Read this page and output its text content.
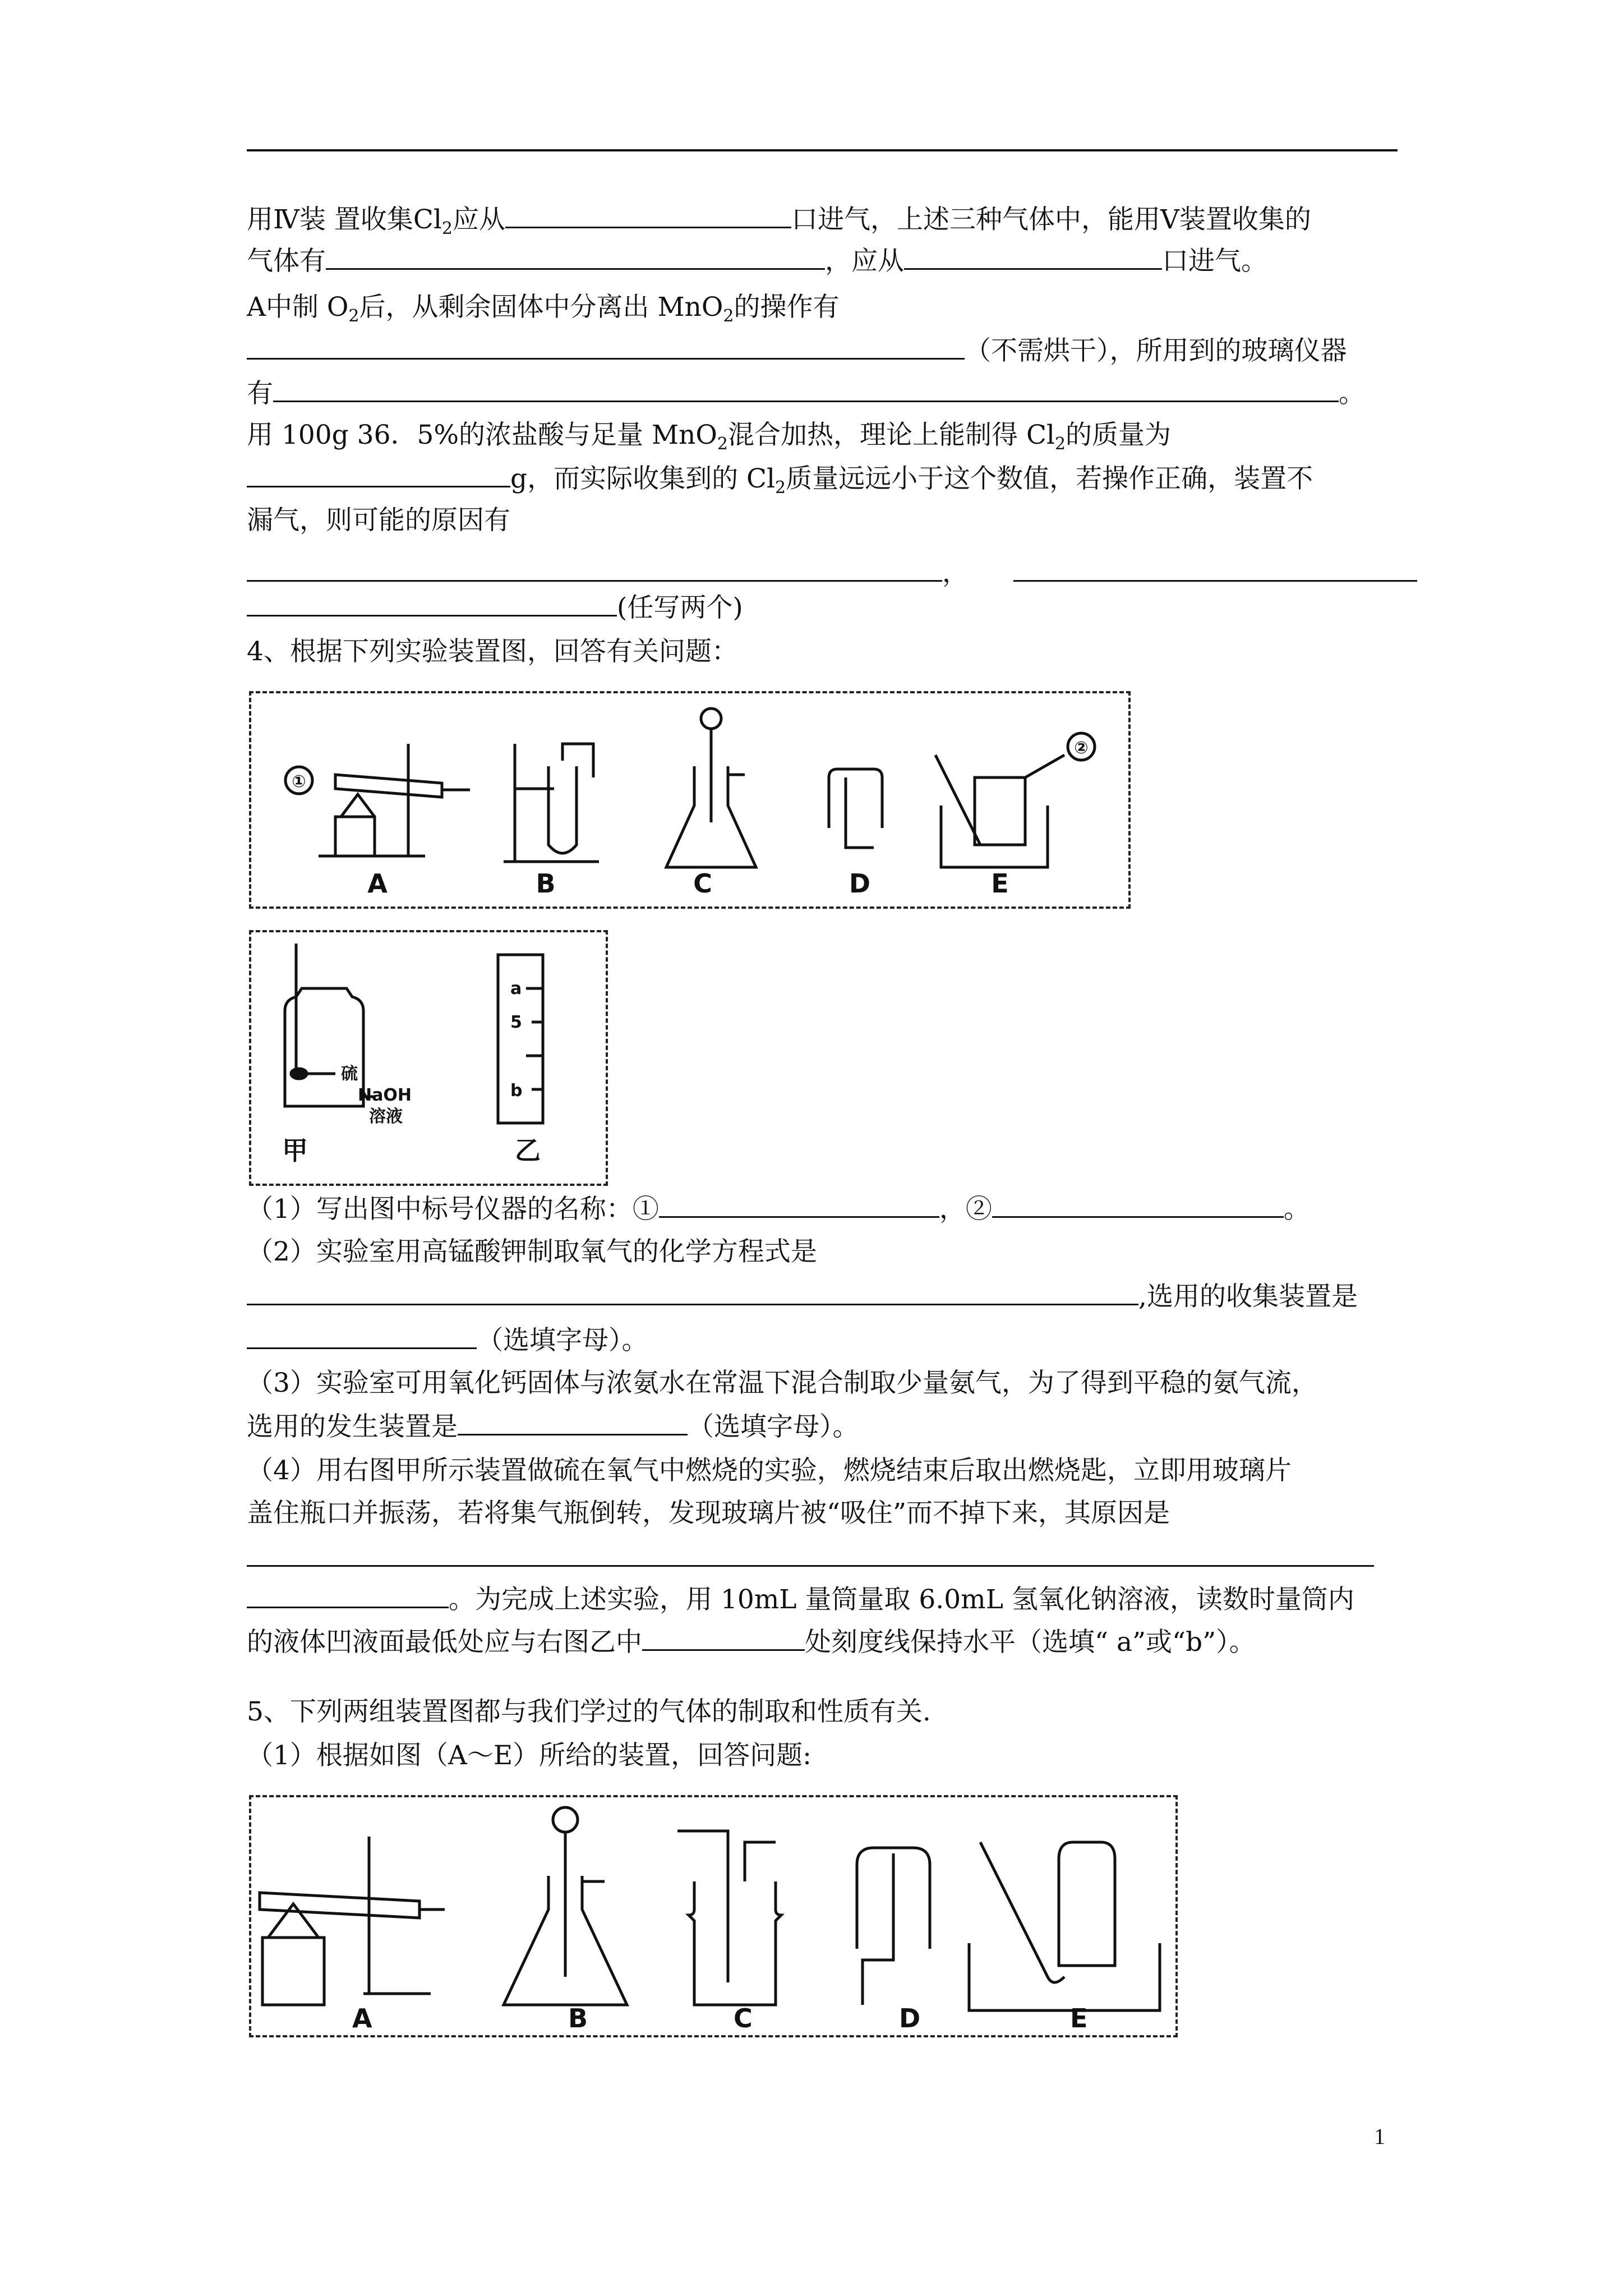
用Ⅳ装 置收集$Cl_2$应从	口进气，上述三种气体中，能用Ⅴ装置收集的
气体有	，应从	口进气。
A中制 $O_2$后，从剩余固体中分离出 MnO$_2$的操作有
（不需烘干），所用到的玻璃仪器
有	。
用 100g 36．5%的浓盐酸与足量 MnO$_2$混合加热，理论上能制得 $Cl_2$的质量为
g，而实际收集到的 $Cl_2$质量远远小于这个数值，若操作正确，装置不
漏气，则可能的原因有
，
(任写两个)
4、根据下列实验装置图，回答有关问题：
②
①
A	B	C	D	E
硫
NaOH
溶液
a
5
b
甲	乙
（1）写出图中标号仪器的名称：①	，②	。
（2）实验室用高锰酸钾制取氧气的化学方程式是
,选用的收集装置是
（选填字母）。
（3）实验室可用氧化钙固体与浓氨水在常温下混合制取少量氨气，为了得到平稳的氨气流，
选用的发生装置是	（选填字母）。
（4）用右图甲所示装置做硫在氧气中燃烧的实验，燃烧结束后取出燃烧匙，立即用玻璃片
盖住瓶口并振荡，若将集气瓶倒转，发现玻璃片被“吸住”而不掉下来，其原因是
。为完成上述实验，用 10mL 量筒量取 6.0mL 氢氧化钠溶液，读数时量筒内
的液体凹液面最低处应与右图乙中	处刻度线保持水平（选填“ a”或“b”）。
5、下列两组装置图都与我们学过的气体的制取和性质有关.
（1）根据如图（A～E）所给的装置，回答问题:
A	B	C	D	E
1
